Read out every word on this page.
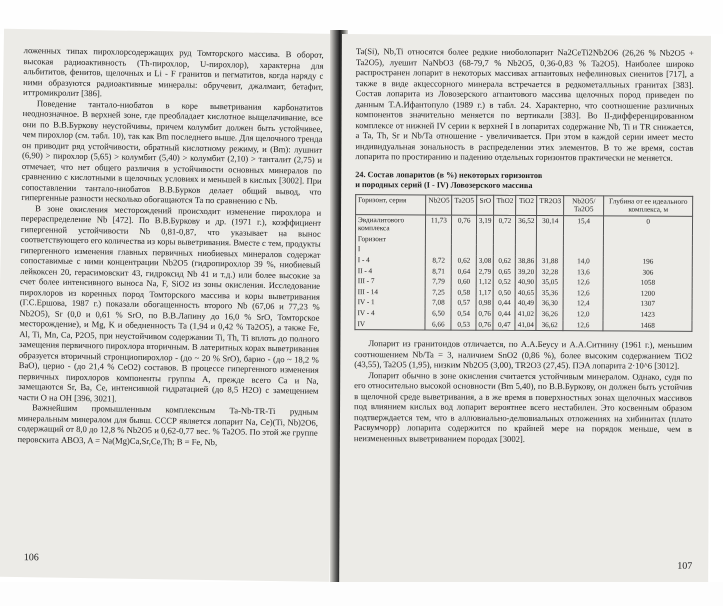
ложенных типах пирохлорсодержащих руд Томторского массива. В оборот, высокая радиоактивность (Th-пирохлор, U-пирохлор), характерна для альбититов, фенитов, щелочных и Li - F гранитов и пегматитов, когда наряду с ними образуются радиоактивные минералы: обручевит, джалмаит, бетафит, иттромикролит [386].

Поведение тантало-ниобатов в коре выветривания карбонатитов неоднозначное. В верхней зоне, где преобладает кислотное выщелачивание, все они по В.В.Буркову неустойчивы, причем колумбит должен быть устойчивее, чем пирохлор (см. табл. 10), так как Вm последнего выше. Для щелочного тренда он приводит ряд устойчивости, обратный кислотному режиму, и (Вm): лушнит (6,90) > пирохлор (5,65) > колумбит (5,40) > колумбит (2,10) > танталит (2,75) и отмечает, что нет общего различия в устойчивости основных минералов по сравнению с кислотными в щелочных условиях и меньшей в кислых [3002]. При сопоставлении тантало-ниобатов В.В.Бурков делает общий вывод, что гипергенные разности несколько обогащаются Ta по сравнению с Nb.

В зоне окисления месторождений происходит изменение пирохлора и перераспределение Nb [472]. По В.В.Буркову и др. (1971 г.), коэффициент гипергенной устойчивости Nb 0,81-0,87, что указывает на вынос соответствующего его количества из коры выветривания. Вместе с тем, продукты гипергенного изменения главных первичных ниобиевых минералов содержат сопоставимые с ними концентрации Nb2O5 (гидропирохлор 39 %, ниобиевый лейкоксен 20, герасимовскит 43, гидроксид Nb 41 и т.д.) или более высокие за счет более интенсивного выноса Na, F, SiO2 из зоны окисления. Исследование пирохлоров из коренных пород Томторского массива и коры выветривания (Г.С.Ершова, 1987 г.) показали обогащенность второго Nb (67,06 и 77,23 % Nb2O5), Sr (0,0 и 0,61 % SrO, по В.В.Лапину до 16,0 % SrO, Томторское месторождение), и Mg, K и обедненность Ta (1,94 и 0,42 % Ta2O5), а также Fe, Al, Ti, Mn, Ca, P2O5, при неустойчивом содержании Ti, Th, Ti вплоть до полного замещения первичного пирохлора вторичным. В латеритных корах выветривания образуется вторичный стронциопирохлор - (до ~ 20 % SrO), барио - (до ~ 18,2 % BaO), церио - (до 21,4 % CeO2) составов. В процессе гипергенного изменения первичных пирохлоров компоненты группы А, прежде всего Ca и Na, замещаются Sr, Ba, Ce, интенсивной гидратацией (до 8,5 H2O) с замещением части O на OH [396, 3021].

Важнейшим промышленным комплексным Ta-Nb-TR-Ti рудным минеральным минералом для бывш. СССР является лопарит Na, Ce)(Ti, Nb)2O6, содержащий от 8,0 до 12,8 % Nb2O5 и 0,62-0,77 вес. % Ta2O5. По этой же группе перовскита ABO3, A = Na(Mg)Ca,Sr,Ce,Th; B = Fe, Nb,

106

Ta(Si), Nb,Ti относятся более редкие ниоболопарит Na2CeTi2Nb2O6 (26,26 % Nb2O5 + Ta2O5), луешит NaNbO3 (68-79,7 % Nb2O5, 0,36-0,83 % Ta2O5). Наиболее широко распространен лопарит в некоторых массивах агпаитовых нефелиновых сиенитов [717], а также в виде акцессорного минерала встречается в редкометалльных гранитах [383]. Состав лопарита из Ловозерского агпаитового массива щелочных пород приведен по данным Т.А.Ифантопуло (1989 г.) в табл. 24. Характерно, что соотношение различных компонентов значительно меняется по вертикали [383]. Во II-дифференцированном комплексе от нижней IV серии к верхней I в лопаритах содержание Nb, Ti и TR снижается, а Ta, Th, Sr и Nb/Ta отношение - увеличивается. При этом в каждой серии имеет место индивидуальная зональность в распределении этих элементов. В то же время, состав лопарита по простиранию и падению отдельных горизонтов практически не меняется.

24. Состав лопаритов (в %) некоторых горизонтов
и породных серий (I - IV) Ловозерского массива
Горизонт, серия	Nb2O5	Ta2O5	SrO	ThO2	TiO2	TR2O3	Nb2O5/ Ta2O5	Глубина от ее идеального комплекса, м
Эвдиалитового комплекса	11,73	0,76	3,19	0,72	36,52	30,14	15,4	0
Горизонт								
I								
I - 4	8,72	0,62	3,08	0,62	38,86	31,88	14,0	196
II - 4	8,71	0,64	2,79	0,65	39,20	32,28	13,6	306
III - 7	7,79	0,60	1,12	0,52	40,90	35,05	12,6	1058
III - 14	7,25	0,58	1,17	0,50	40,65	35,36	12,6	1200
IV - 1	7,08	0,57	0,98	0,44	40,49	36,30	12,4	1307
IV - 4	6,50	0,54	0,76	0,44	41,02	36,26	12,0	1423
IV	6,66	0,53	0,76	0,47	41,04	36,62	12,6	1468

Лопарит из гранитоидов отличается, по А.А.Беусу и А.А.Ситнину (1961 г.), меньшим соотношением Nb/Ta = 3, наличием SnO2 (0,86 %), более высоким содержанием TiO2 (43,55), Ta2O5 (1,95), низким Nb2O5 (3,00), TR2O3 (27,45). ПЭA лопарита 2·10^6 [3012].

Лопарит обычно в зоне окисления считается устойчивым минералом. Однако, судя по его относительно высокой основности (Вm 5,40), по В.В.Буркову, он должен быть устойчив в щелочной среде выветривания, а в же время в поверхностных зонах щелочных массивов под влиянием кислых вод лопарит вероятнее всего нестабилен. Это косвенным образом подтверждается тем, что в аллювиально-делювиальных отложениях на хибинитах (плато Расвумчорр) лопарита содержится по крайней мере на порядок меньше, чем в неизмененных выветриванием породах [3002].

107
